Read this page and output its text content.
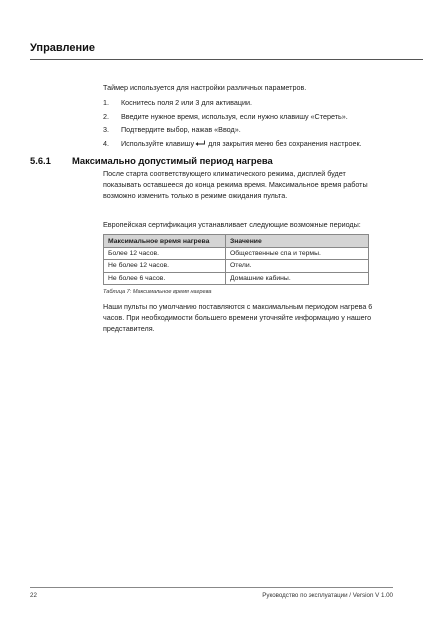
Управление
Таймер используется для настройки различных параметров.
1.	Коснитесь поля 2 или 3 для активации.
2.	Введите нужное время, используя, если нужно клавишу «Стереть».
3.	Подтвердите выбор, нажав «Ввод».
4.	Используйте клавишу для закрытия меню без сохранения настроек.
5.6.1 Максимально допустимый период нагрева
После старта соответствующего климатического режима, дисплей будет
показывать оставшееся до конца режима время. Максимальное время работы
возможно изменить только в режиме ожидания пульта.
Европейская сертификация устанавливает следующие возможные периоды:
Максимальное время нагрева	Значение
Более 12 часов.	Общественные спа и термы.
Не более 12 часов.	Отели.
Не более 6 часов.	Домашние кабины.
Таблица 7: Максимальное время нагрева
Наши пульты по умолчанию поставляются с максимальным периодом нагрева 6
часов. При необходимости большего времени уточняйте информацию у нашего
представителя.
22	Руководство по эксплуатации / Version V 1.00
